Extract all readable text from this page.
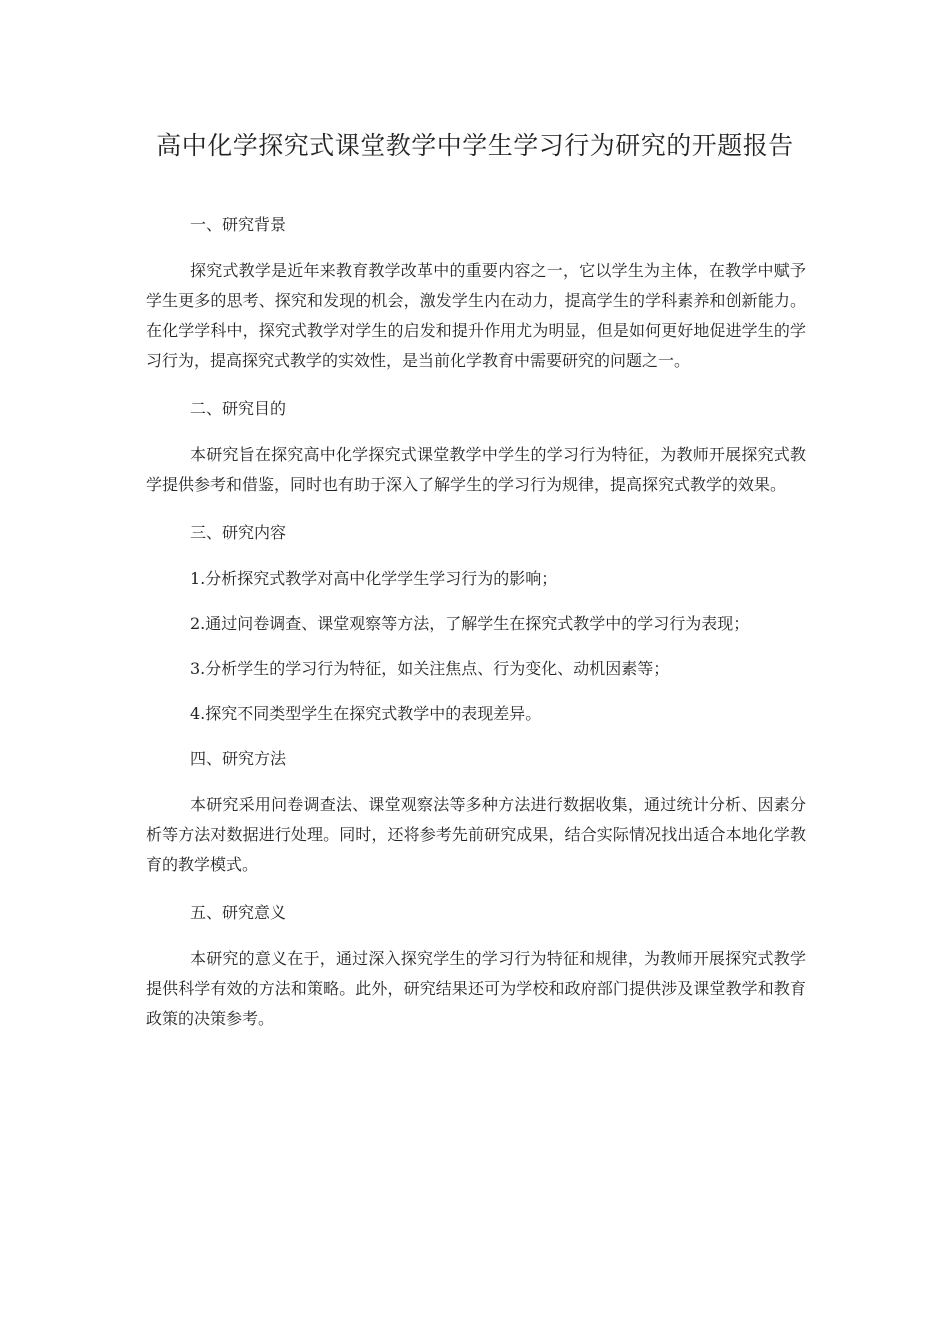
高中化学探究式课堂教学中学生学习行为研究的开题报告

一、研究背景

探究式教学是近年来教育教学改革中的重要内容之一，它以学生为主体，在教学中赋予学生更多的思考、探究和发现的机会，激发学生内在动力，提高学生的学科素养和创新能力。在化学学科中，探究式教学对学生的启发和提升作用尤为明显，但是如何更好地促进学生的学习行为，提高探究式教学的实效性，是当前化学教育中需要研究的问题之一。

二、研究目的

本研究旨在探究高中化学探究式课堂教学中学生的学习行为特征，为教师开展探究式教学提供参考和借鉴，同时也有助于深入了解学生的学习行为规律，提高探究式教学的效果。

三、研究内容

1.分析探究式教学对高中化学学生学习行为的影响；

2.通过问卷调查、课堂观察等方法，了解学生在探究式教学中的学习行为表现；

3.分析学生的学习行为特征，如关注焦点、行为变化、动机因素等；

4.探究不同类型学生在探究式教学中的表现差异。

四、研究方法

本研究采用问卷调查法、课堂观察法等多种方法进行数据收集，通过统计分析、因素分析等方法对数据进行处理。同时，还将参考先前研究成果，结合实际情况找出适合本地化学教育的教学模式。

五、研究意义

本研究的意义在于，通过深入探究学生的学习行为特征和规律，为教师开展探究式教学提供科学有效的方法和策略。此外，研究结果还可为学校和政府部门提供涉及课堂教学和教育政策的决策参考。
